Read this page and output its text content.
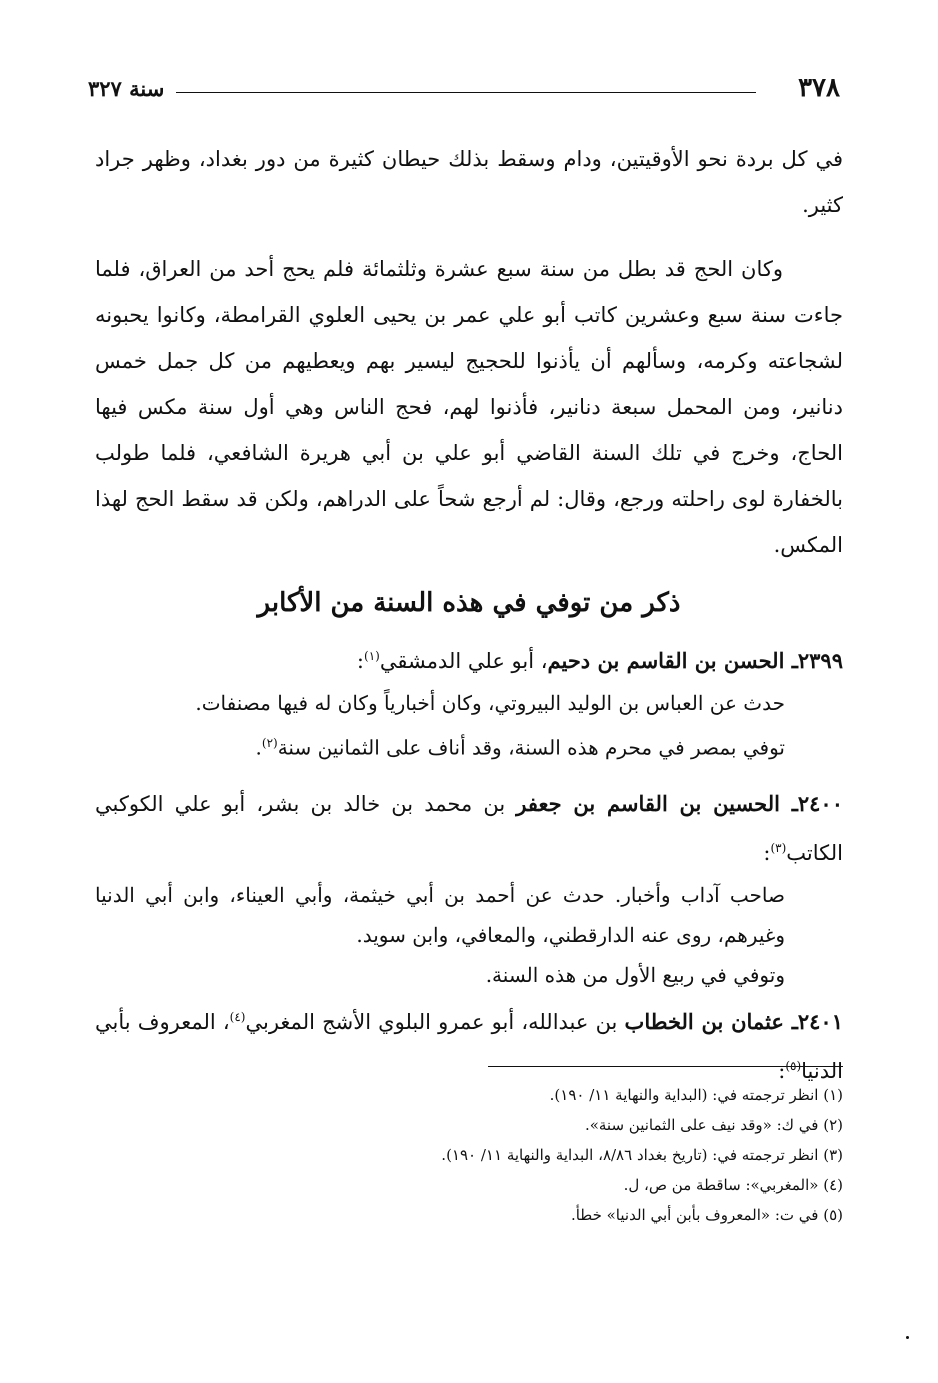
٣٧٨
سنة ٣٢٧

في كل بردة نحو الأوقيتين، ودام وسقط بذلك حيطان كثيرة من دور بغداد، وظهر جراد كثير.

وكان الحج قد بطل من سنة سبع عشرة وثلثمائة فلم يحج أحد من العراق، فلما جاءت سنة سبع وعشرين كاتب أبو علي عمر بن يحيى العلوي القرامطة، وكانوا يحبونه لشجاعته وكرمه، وسألهم أن يأذنوا للحجيج ليسير بهم ويعطيهم من كل جمل خمس دنانير، ومن المحمل سبعة دنانير، فأذنوا لهم، فحج الناس وهي أول سنة مكس فيها الحاج، وخرج في تلك السنة القاضي أبو علي بن أبي هريرة الشافعي، فلما طولب بالخفارة لوى راحلته ورجع، وقال: لم أرجع شحاً على الدراهم، ولكن قد سقط الحج لهذا المكس.

ذكر من توفي في هذه السنة من الأكابر
٢٣٩٩ـ الحسن بن القاسم بن دحيم، أبو علي الدمشقي$^{(١)}$:
حدث عن العباس بن الوليد البيروتي، وكان أخبارياً وكان له فيها مصنفات.
توفي بمصر في محرم هذه السنة، وقد أناف على الثمانين سنة$^{(٢)}$.
٢٤٠٠ـ الحسين بن القاسم بن جعفر بن محمد بن خالد بن بشر، أبو علي الكوكبي الكاتب$^{(٣)}$:
صاحب آداب وأخبار. حدث عن أحمد بن أبي خيثمة، وأبي العيناء، وابن أبي الدنيا وغيرهم، روى عنه الدارقطني، والمعافي، وابن سويد.
وتوفي في ربيع الأول من هذه السنة.
٢٤٠١ـ عثمان بن الخطاب بن عبدالله، أبو عمرو البلوي الأشج المغربي$^{(٤)}$، المعروف بأبي الدنيا$^{(٥)}$:
(١) انظر ترجمته في: (البداية والنهاية ١١/ ١٩٠).
(٢) في ك: «وقد نيف على الثمانين سنة».
(٣) انظر ترجمته في: (تاريخ بغداد ٨/٨٦، البداية والنهاية ١١/ ١٩٠).
(٤) «المغربي»: ساقطة من ص، ل.
(٥) في ت: «المعروف بأبن أبي الدنيا» خطأ.
